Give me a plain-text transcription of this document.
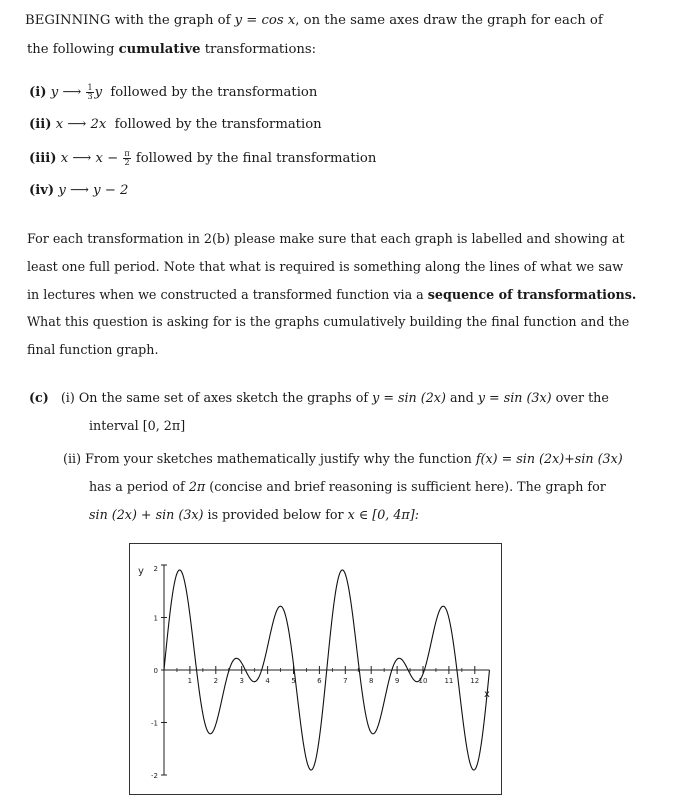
BEGINNING with the graph of y = cos x, on the same axes draw the graph for each of
the following cumulative transformations:
(i) y ⟶ $\frac{1}{3}$ y followed by the transformation
(ii) x ⟶ 2x followed by the transformation
(iii) x ⟶ $x - \frac{\pi}{2}$ followed by the final transformation
(iv) y ⟶ y − 2
For each transformation in 2(b) please make sure that each graph is labelled and showing at
least one full period. Note that what is required is something along the lines of what we saw
in lectures when we constructed a transformed function via a sequence of transformations.
What this question is asking for is the graphs cumulatively building the final function and the
final function graph.
(c) (i) On the same set of axes sketch the graphs of y = sin (2x) and y = sin (3x) over the
interval [0, 2π]
(ii) From your sketches mathematically justify why the function f(x) = sin (2x)+sin (3x)
has a period of 2π (concise and brief reasoning is sufficient here). The graph for
sin (2x) + sin (3x) is provided below for x ∈ [0, 4π]:
y
x
-2
-1
0
1
2
1	2	3	4	5	6	7	8	9	10 11 12
